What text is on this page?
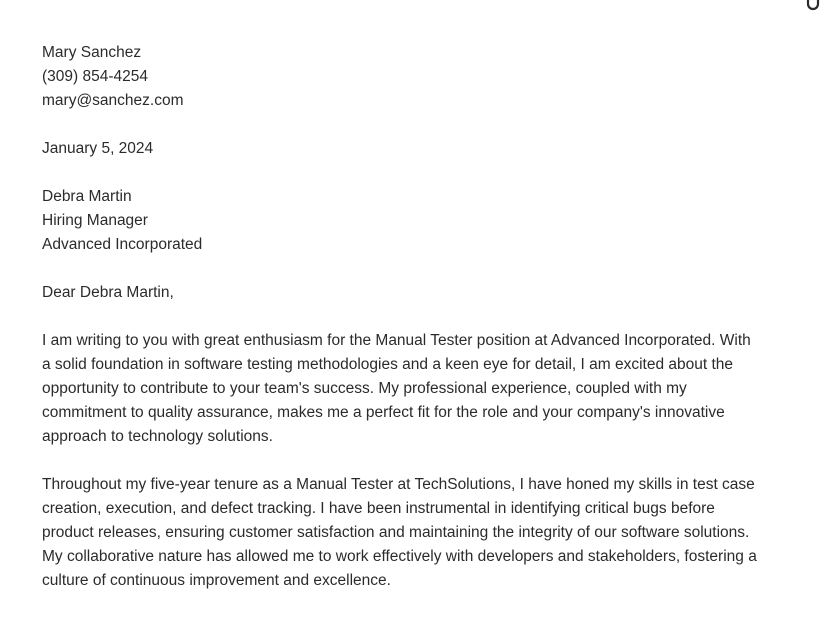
Mary Sanchez
(309) 854-4254
mary@sanchez.com
January 5, 2024
Debra Martin
Hiring Manager
Advanced Incorporated
Dear Debra Martin,
I am writing to you with great enthusiasm for the Manual Tester position at Advanced Incorporated. With
a solid foundation in software testing methodologies and a keen eye for detail, I am excited about the
opportunity to contribute to your team's success. My professional experience, coupled with my
commitment to quality assurance, makes me a perfect fit for the role and your company's innovative
approach to technology solutions.
Throughout my five-year tenure as a Manual Tester at TechSolutions, I have honed my skills in test case
creation, execution, and defect tracking. I have been instrumental in identifying critical bugs before
product releases, ensuring customer satisfaction and maintaining the integrity of our software solutions.
My collaborative nature has allowed me to work effectively with developers and stakeholders, fostering a
culture of continuous improvement and excellence.
